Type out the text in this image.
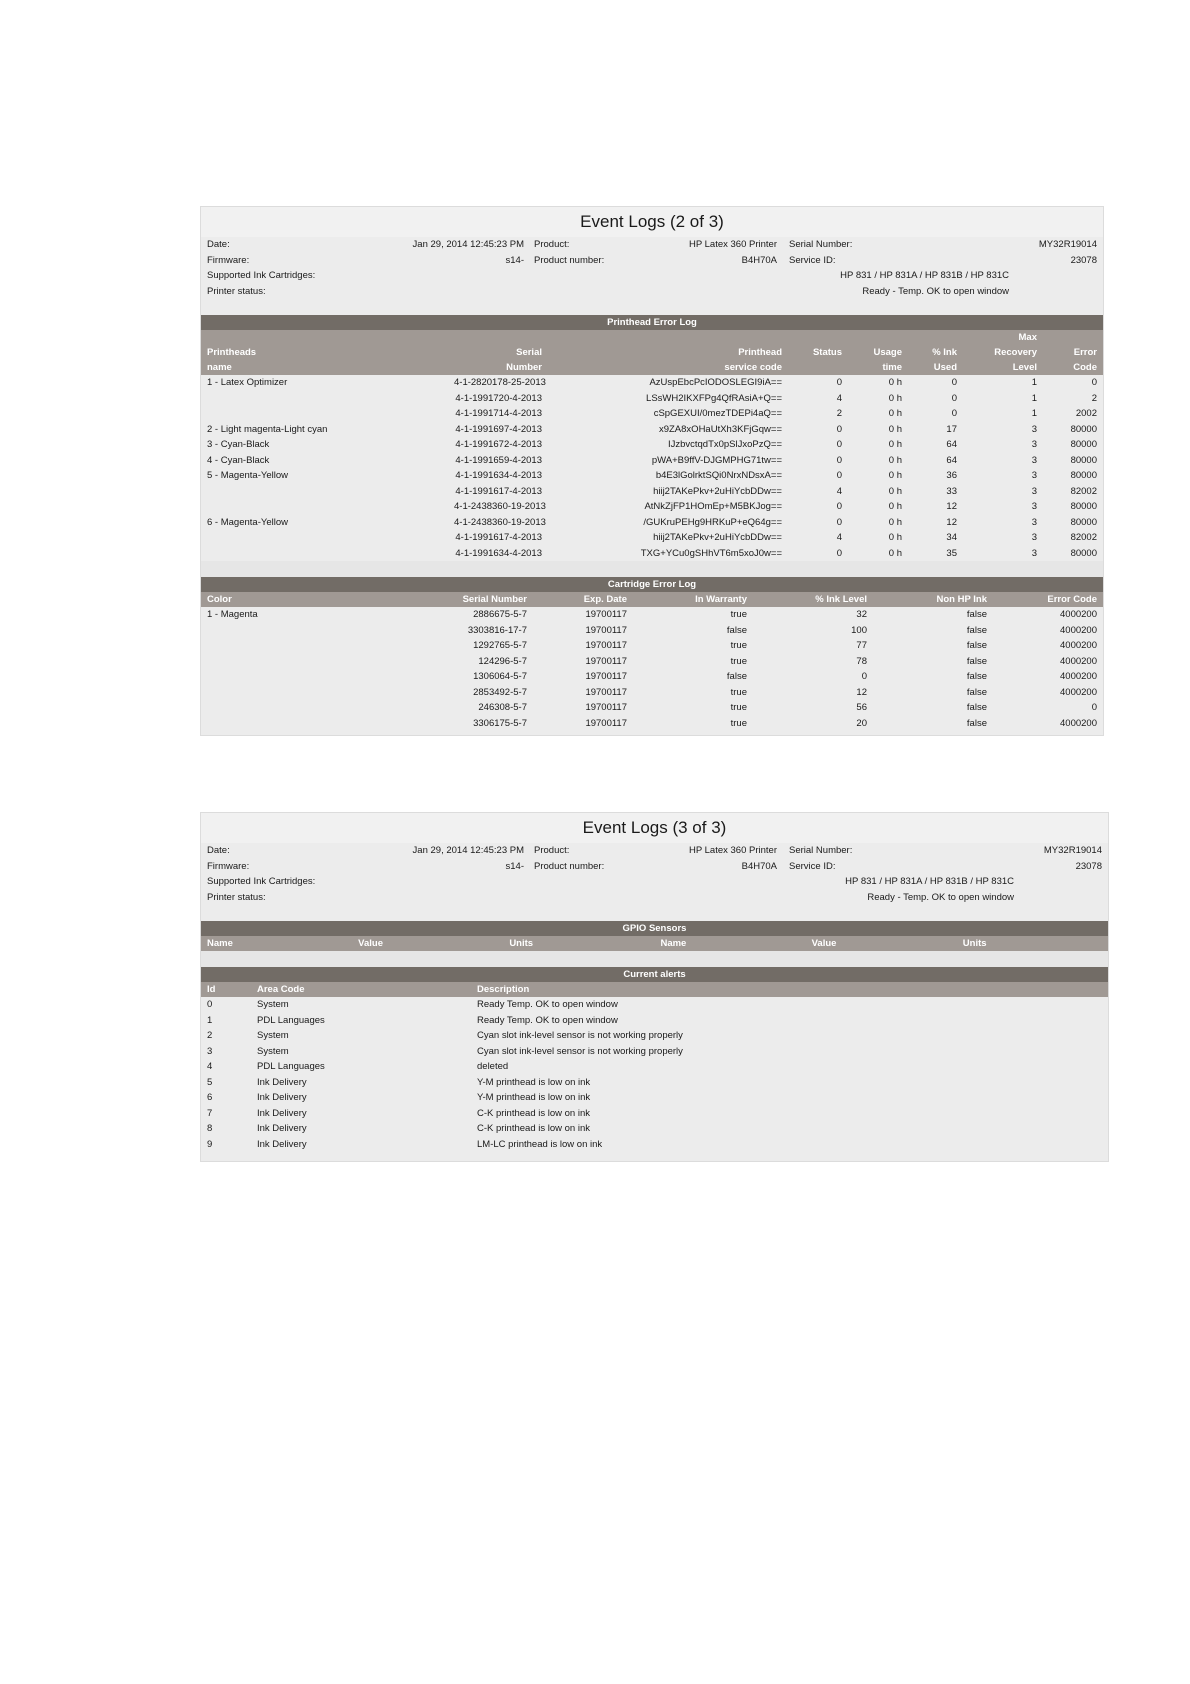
Event Logs (2 of 3)
Date:	Jan 29, 2014 12:45:23 PM	Product:	HP Latex 360 Printer	Serial Number:	MY32R19014
Firmware:	s14-	Product number:	B4H70A	Service ID:	23078
Supported Ink Cartridges:	HP 831 / HP 831A / HP 831B / HP 831C
Printer status:	Ready - Temp. OK to open window
Printhead Error Log
						Max	
Printheads	Serial	Printhead	Status	Usage	% Ink	Recovery	Error
name	Number	service code		time	Used	Level	Code
1 - Latex Optimizer	4-1-2820178-25-2013	AzUspEbcPcIODOSLEGI9iA==	0	0 h	0	1	0
	4-1-1991720-4-2013	LSsWH2IKXFPg4QfRAsiA+Q==	4	0 h	0	1	2
	4-1-1991714-4-2013	cSpGEXUI/0mezTDEPi4aQ==	2	0 h	0	1	2002
2 - Light magenta-Light cyan	4-1-1991697-4-2013	x9ZA8xOHaUtXh3KFjGqw==	0	0 h	17	3	80000
3 - Cyan-Black	4-1-1991672-4-2013	IJzbvctqdTx0pSlJxoPzQ==	0	0 h	64	3	80000
4 - Cyan-Black	4-1-1991659-4-2013	pWA+B9ffV-DJGMPHG71tw==	0	0 h	64	3	80000
5 - Magenta-Yellow	4-1-1991634-4-2013	b4E3lGolrktSQi0NrxNDsxA==	0	0 h	36	3	80000
	4-1-1991617-4-2013	hiij2TAKePkv+2uHiYcbDDw==	4	0 h	33	3	82002
	4-1-2438360-19-2013	AtNkZjFP1HOmEp+M5BKJog==	0	0 h	12	3	80000
6 - Magenta-Yellow	4-1-2438360-19-2013	/GUKruPEHg9HRKuP+eQ64g==	0	0 h	12	3	80000
	4-1-1991617-4-2013	hiij2TAKePkv+2uHiYcbDDw==	4	0 h	34	3	82002
	4-1-1991634-4-2013	TXG+YCu0gSHhVT6m5xoJ0w==	0	0 h	35	3	80000
Cartridge Error Log
Color	Serial Number	Exp. Date	In Warranty	% Ink Level	Non HP Ink	Error Code
1 - Magenta	2886675-5-7	19700117	true	32	false	4000200
	3303816-17-7	19700117	false	100	false	4000200
	1292765-5-7	19700117	true	77	false	4000200
	124296-5-7	19700117	true	78	false	4000200
	1306064-5-7	19700117	false	0	false	4000200
	2853492-5-7	19700117	true	12	false	4000200
	246308-5-7	19700117	true	56	false	0
	3306175-5-7	19700117	true	20	false	4000200
Event Logs (3 of 3)
Date:	Jan 29, 2014 12:45:23 PM	Product:	HP Latex 360 Printer	Serial Number:	MY32R19014
Firmware:	s14-	Product number:	B4H70A	Service ID:	23078
Supported Ink Cartridges:	HP 831 / HP 831A / HP 831B / HP 831C
Printer status:	Ready - Temp. OK to open window
GPIO Sensors
Name	Value	Units	Name	Value	Units
Current alerts
Id	Area Code	Description
0	System	Ready Temp. OK to open window
1	PDL Languages	Ready Temp. OK to open window
2	System	Cyan slot ink-level sensor is not working properly
3	System	Cyan slot ink-level sensor is not working properly
4	PDL Languages	deleted
5	Ink Delivery	Y-M printhead is low on ink
6	Ink Delivery	Y-M printhead is low on ink
7	Ink Delivery	C-K printhead is low on ink
8	Ink Delivery	C-K printhead is low on ink
9	Ink Delivery	LM-LC printhead is low on ink
